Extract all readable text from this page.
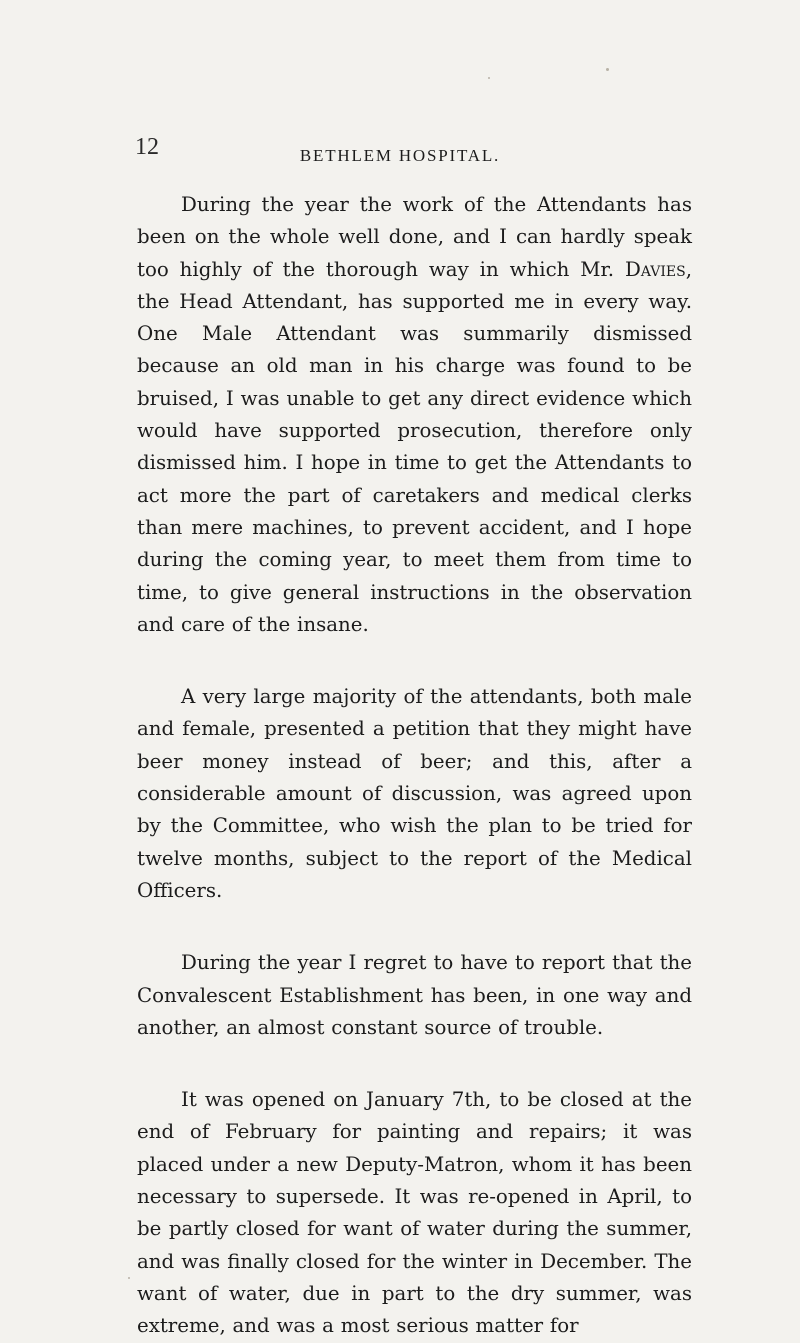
12	BETHLEM HOSPITAL.

During the year the work of the Attendants has been on the whole well done, and I can hardly speak too highly of the thorough way in which Mr. Davies, the Head Attendant, has supported me in every way. One Male Attendant was summarily dismissed because an old man in his charge was found to be bruised, I was unable to get any direct evidence which would have supported prosecution, therefore only dismissed him. I hope in time to get the Attendants to act more the part of caretakers and medical clerks than mere machines, to prevent accident, and I hope during the coming year, to meet them from time to time, to give general instructions in the observation and care of the insane.

A very large majority of the attendants, both male and female, presented a petition that they might have beer money instead of beer; and this, after a considerable amount of discussion, was agreed upon by the Committee, who wish the plan to be tried for twelve months, subject to the report of the Medical Officers.

During the year I regret to have to report that the Convalescent Establishment has been, in one way and another, an almost constant source of trouble.

It was opened on January 7th, to be closed at the end of February for painting and repairs; it was placed under a new Deputy-Matron, whom it has been necessary to supersede. It was re-opened in April, to be partly closed for want of water during the summer, and was finally closed for the winter in December. The want of water, due in part to the dry summer, was extreme, and was a most serious matter for
